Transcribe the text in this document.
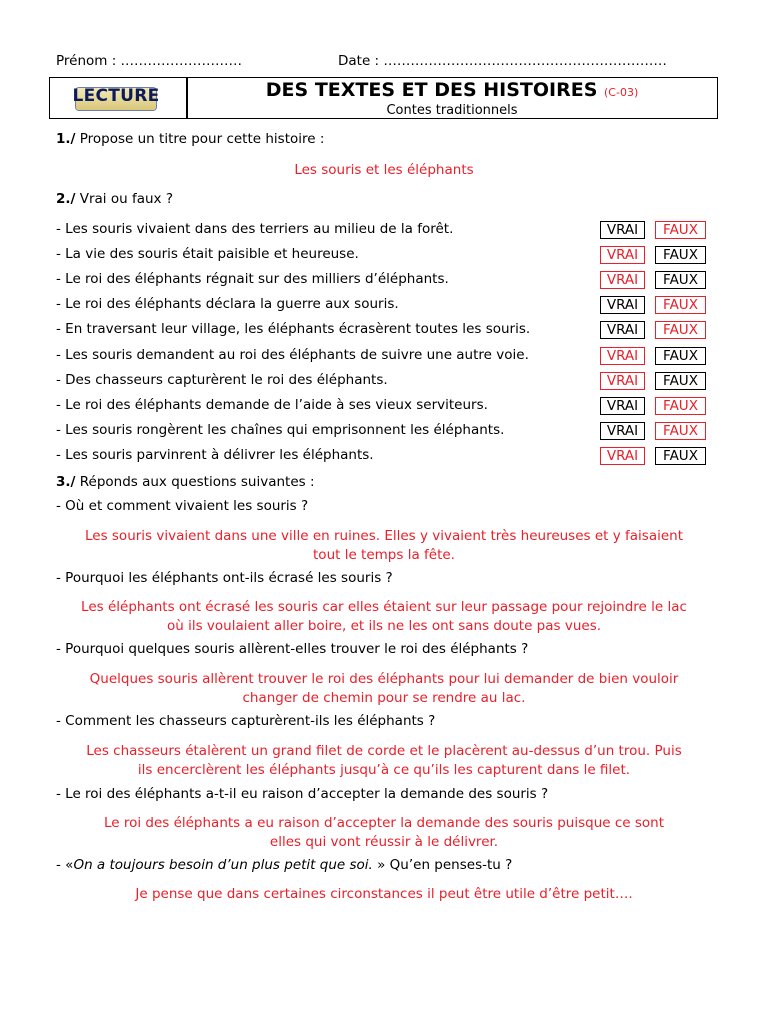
Prénom : ………………………	Date : ………………………………………………………
LECTURE	DES TEXTES ET DES HISTOIRES (C-03)
Contes traditionnels
1./ Propose un titre pour cette histoire :
Les souris et les éléphants
2./ Vrai ou faux ?
- Les souris vivaient dans des terriers au milieu de la forêt.	VRAI	FAUX
- La vie des souris était paisible et heureuse.	VRAI	FAUX
- Le roi des éléphants régnait sur des milliers d’éléphants.	VRAI	FAUX
- Le roi des éléphants déclara la guerre aux souris.	VRAI	FAUX
- En traversant leur village, les éléphants écrasèrent toutes les souris.	VRAI	FAUX
- Les souris demandent au roi des éléphants de suivre une autre voie.	VRAI	FAUX
- Des chasseurs capturèrent le roi des éléphants.	VRAI	FAUX
- Le roi des éléphants demande de l’aide à ses vieux serviteurs.	VRAI	FAUX
- Les souris rongèrent les chaînes qui emprisonnent les éléphants.	VRAI	FAUX
- Les souris parvinrent à délivrer les éléphants.	VRAI	FAUX
3./ Réponds aux questions suivantes :
- Où et comment vivaient les souris ?
Les souris vivaient dans une ville en ruines. Elles y vivaient très heureuses et y faisaient
tout le temps la fête.
- Pourquoi les éléphants ont-ils écrasé les souris ?
Les éléphants ont écrasé les souris car elles étaient sur leur passage pour rejoindre le lac
où ils voulaient aller boire, et ils ne les ont sans doute pas vues.
- Pourquoi quelques souris allèrent-elles trouver le roi des éléphants ?
Quelques souris allèrent trouver le roi des éléphants pour lui demander de bien vouloir
changer de chemin pour se rendre au lac.
- Comment les chasseurs capturèrent-ils les éléphants ?
Les chasseurs étalèrent un grand filet de corde et le placèrent au-dessus d’un trou. Puis
ils encerclèrent les éléphants jusqu’à ce qu’ils les capturent dans le filet.
- Le roi des éléphants a-t-il eu raison d’accepter la demande des souris ?
Le roi des éléphants a eu raison d’accepter la demande des souris puisque ce sont
elles qui vont réussir à le délivrer.
- «On a toujours besoin d’un plus petit que soi. » Qu’en penses-tu ?
Je pense que dans certaines circonstances il peut être utile d’être petit….
